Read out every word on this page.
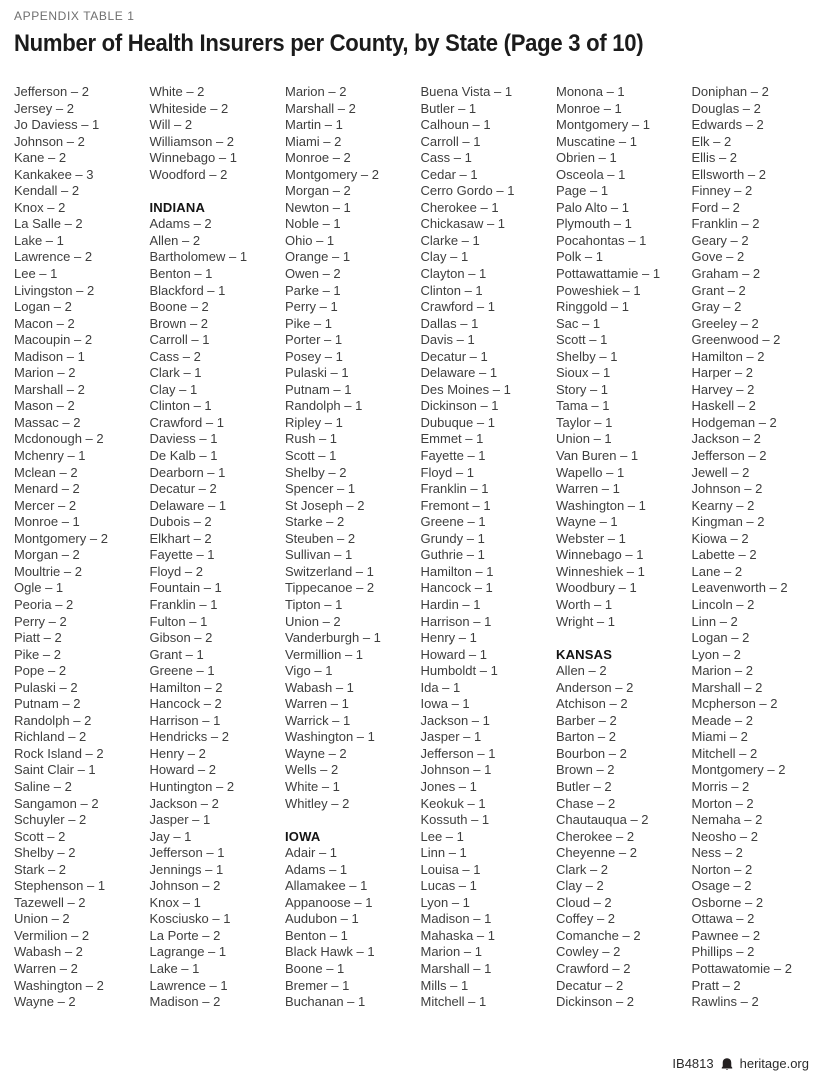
APPENDIX TABLE 1
Number of Health Insurers per County, by State (Page 3 of 10)
Jefferson – 2
Jersey – 2
Jo Daviess – 1
Johnson – 2
Kane – 2
Kankakee – 3
Kendall – 2
Knox – 2
La Salle – 2
Lake – 1
Lawrence – 2
Lee – 1
Livingston – 2
Logan – 2
Macon – 2
Macoupin – 2
Madison – 1
Marion – 2
Marshall – 2
Mason – 2
Massac – 2
Mcdonough – 2
Mchenry – 1
Mclean – 2
Menard – 2
Mercer – 2
Monroe – 1
Montgomery – 2
Morgan – 2
Moultrie – 2
Ogle – 1
Peoria – 2
Perry – 2
Piatt – 2
Pike – 2
Pope – 2
Pulaski – 2
Putnam – 2
Randolph – 2
Richland – 2
Rock Island – 2
Saint Clair – 1
Saline – 2
Sangamon – 2
Schuyler – 2
Scott – 2
Shelby – 2
Stark – 2
Stephenson – 1
Tazewell – 2
Union – 2
Vermilion – 2
Wabash – 2
Warren – 2
Washington – 2
Wayne – 2
White – 2
Whiteside – 2
Will – 2
Williamson – 2
Winnebago – 1
Woodford – 2
INDIANA
Adams – 2
Allen – 2
Bartholomew – 1
Benton – 1
Blackford – 1
Boone – 2
Brown – 2
Carroll – 1
Cass – 2
Clark – 1
Clay – 1
Clinton – 1
Crawford – 1
Daviess – 1
De Kalb – 1
Dearborn – 1
Decatur – 2
Delaware – 1
Dubois – 2
Elkhart – 2
Fayette – 1
Floyd – 2
Fountain – 1
Franklin – 1
Fulton – 1
Gibson – 2
Grant – 1
Greene – 1
Hamilton – 2
Hancock – 2
Harrison – 1
Hendricks – 2
Henry – 2
Howard – 2
Huntington – 2
Jackson – 2
Jasper – 1
Jay – 1
Jefferson – 1
Jennings – 1
Johnson – 2
Knox – 1
Kosciusko – 1
La Porte – 2
Lagrange – 1
Lake – 1
Lawrence – 1
Madison – 2
Marion – 2
Marshall – 2
Martin – 1
Miami – 2
Monroe – 2
Montgomery – 2
Morgan – 2
Newton – 1
Noble – 1
Ohio – 1
Orange – 1
Owen – 2
Parke – 1
Perry – 1
Pike – 1
Porter – 1
Posey – 1
Pulaski – 1
Putnam – 1
Randolph – 1
Ripley – 1
Rush – 1
Scott – 1
Shelby – 2
Spencer – 1
St Joseph – 2
Starke – 2
Steuben – 2
Sullivan – 1
Switzerland – 1
Tippecanoe – 2
Tipton – 1
Union – 2
Vanderburgh – 1
Vermillion – 1
Vigo – 1
Wabash – 1
Warren – 1
Warrick – 1
Washington – 1
Wayne – 2
Wells – 2
White – 1
Whitley – 2
IOWA
Adair – 1
Adams – 1
Allamakee – 1
Appanoose – 1
Audubon – 1
Benton – 1
Black Hawk – 1
Boone – 1
Bremer – 1
Buchanan – 1
Buena Vista – 1
Butler – 1
Calhoun – 1
Carroll – 1
Cass – 1
Cedar – 1
Cerro Gordo – 1
Cherokee – 1
Chickasaw – 1
Clarke – 1
Clay – 1
Clayton – 1
Clinton – 1
Crawford – 1
Dallas – 1
Davis – 1
Decatur – 1
Delaware – 1
Des Moines – 1
Dickinson – 1
Dubuque – 1
Emmet – 1
Fayette – 1
Floyd – 1
Franklin – 1
Fremont – 1
Greene – 1
Grundy – 1
Guthrie – 1
Hamilton – 1
Hancock – 1
Hardin – 1
Harrison – 1
Henry – 1
Howard – 1
Humboldt – 1
Ida – 1
Iowa – 1
Jackson – 1
Jasper – 1
Jefferson – 1
Johnson – 1
Jones – 1
Keokuk – 1
Kossuth – 1
Lee – 1
Linn – 1
Louisa – 1
Lucas – 1
Lyon – 1
Madison – 1
Mahaska – 1
Marion – 1
Marshall – 1
Mills – 1
Mitchell – 1
Monona – 1
Monroe – 1
Montgomery – 1
Muscatine – 1
Obrien – 1
Osceola – 1
Page – 1
Palo Alto – 1
Plymouth – 1
Pocahontas – 1
Polk – 1
Pottawattamie – 1
Poweshiek – 1
Ringgold – 1
Sac – 1
Scott – 1
Shelby – 1
Sioux – 1
Story – 1
Tama – 1
Taylor – 1
Union – 1
Van Buren – 1
Wapello – 1
Warren – 1
Washington – 1
Wayne – 1
Webster – 1
Winnebago – 1
Winneshiek – 1
Woodbury – 1
Worth – 1
Wright – 1
KANSAS
Allen – 2
Anderson – 2
Atchison – 2
Barber – 2
Barton – 2
Bourbon – 2
Brown – 2
Butler – 2
Chase – 2
Chautauqua – 2
Cherokee – 2
Cheyenne – 2
Clark – 2
Clay – 2
Cloud – 2
Coffey – 2
Comanche – 2
Cowley – 2
Crawford – 2
Decatur – 2
Dickinson – 2
Doniphan – 2
Douglas – 2
Edwards – 2
Elk – 2
Ellis – 2
Ellsworth – 2
Finney – 2
Ford – 2
Franklin – 2
Geary – 2
Gove – 2
Graham – 2
Grant – 2
Gray – 2
Greeley – 2
Greenwood – 2
Hamilton – 2
Harper – 2
Harvey – 2
Haskell – 2
Hodgeman – 2
Jackson – 2
Jefferson – 2
Jewell – 2
Johnson – 2
Kearny – 2
Kingman – 2
Kiowa – 2
Labette – 2
Lane – 2
Leavenworth – 2
Lincoln – 2
Linn – 2
Logan – 2
Lyon – 2
Marion – 2
Marshall – 2
Mcpherson – 2
Meade – 2
Miami – 2
Mitchell – 2
Montgomery – 2
Morris – 2
Morton – 2
Nemaha – 2
Neosho – 2
Ness – 2
Norton – 2
Osage – 2
Osborne – 2
Ottawa – 2
Pawnee – 2
Phillips – 2
Pottawatomie – 2
Pratt – 2
Rawlins – 2
IB4813 heritage.org
